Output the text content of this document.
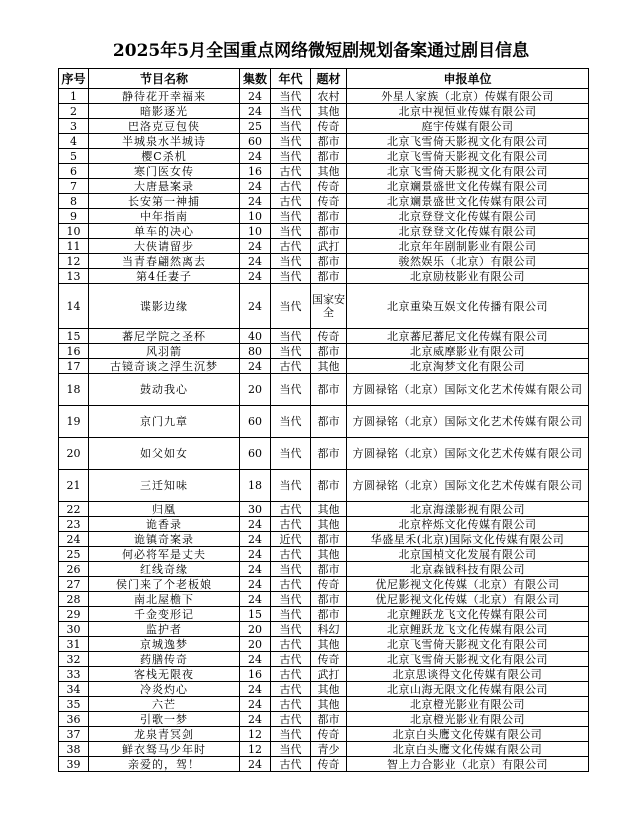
2025年5月全国重点网络微短剧规划备案通过剧目信息
序号	节目名称	集数	年代	题材	申报单位
1	静待花开幸福来	24	当代	农村	外星人家族（北京）传媒有限公司
2	暗影逐光	24	当代	其他	北京中视恒业传媒有限公司
3	巴洛克豆包侠	25	当代	传奇	庭宇传媒有限公司
4	半城泉水半城诗	60	当代	都市	北京飞雪倚天影视文化有限公司
5	樱C杀机	24	当代	都市	北京飞雪倚天影视文化有限公司
6	寒门医女传	16	古代	其他	北京飞雪倚天影视文化有限公司
7	大唐悬案录	24	古代	传奇	北京斓景盛世文化传媒有限公司
8	长安第一神捕	24	古代	传奇	北京斓景盛世文化传媒有限公司
9	中年指南	10	当代	都市	北京登登文化传媒有限公司
10	单车的决心	10	当代	都市	北京登登文化传媒有限公司
11	大侠请留步	24	古代	武打	北京年年剧制影业有限公司
12	当青春翩然离去	24	当代	都市	骏然娱乐（北京）有限公司
13	第4任妻子	24	当代	都市	北京励枝影业有限公司
14	谍影边缘	24	当代	国家安全	北京重染互娱文化传播有限公司
15	蕃尼学院之圣杯	40	当代	传奇	北京蕃尼蕃尼文化传媒有限公司
16	风羽箭	80	当代	都市	北京威摩影业有限公司
17	古镜奇谈之浮生沉梦	24	古代	其他	北京淘梦文化有限公司
18	鼓动我心	20	当代	都市	方圆禄铭（北京）国际文化艺术传媒有限公司
19	京门九章	60	当代	都市	方圆禄铭（北京）国际文化艺术传媒有限公司
20	如父如女	60	当代	都市	方圆禄铭（北京）国际文化艺术传媒有限公司
21	三迁知味	18	当代	都市	方圆禄铭（北京）国际文化艺术传媒有限公司
22	归凰	30	古代	其他	北京海漾影视有限公司
23	诡香录	24	古代	其他	北京梓烁文化传媒有限公司
24	诡镇奇案录	24	近代	都市	华盛星禾(北京)国际文化传媒有限公司
25	何必将军是丈夫	24	古代	其他	北京国楨文化发展有限公司
26	红线奇缘	24	当代	都市	北京森钺科技有限公司
27	侯门来了个老板娘	24	古代	传奇	优尼影视文化传媒（北京）有限公司
28	南北屋檐下	24	当代	都市	优尼影视文化传媒（北京）有限公司
29	千金变形记	15	当代	都市	北京鲤跃龙飞文化传媒有限公司
30	监护者	20	当代	科幻	北京鲤跃龙飞文化传媒有限公司
31	京城逸梦	20	古代	其他	北京飞雪倚天影视文化有限公司
32	药膳传奇	24	古代	传奇	北京飞雪倚天影视文化有限公司
33	客栈无限夜	16	古代	武打	北京思谈得文化传媒有限公司
34	冷炎灼心	24	古代	其他	北京山海无限文化传媒有限公司
35	六芒	24	古代	其他	北京橙光影业有限公司
36	引歌一梦	24	古代	都市	北京橙光影业有限公司
37	龙泉青冥剑	12	当代	传奇	北京白头鹰文化传媒有限公司
38	鲜衣驽马少年时	12	当代	青少	北京白头鹰文化传媒有限公司
39	亲爱的，驾！	24	古代	传奇	智上力合影业（北京）有限公司
